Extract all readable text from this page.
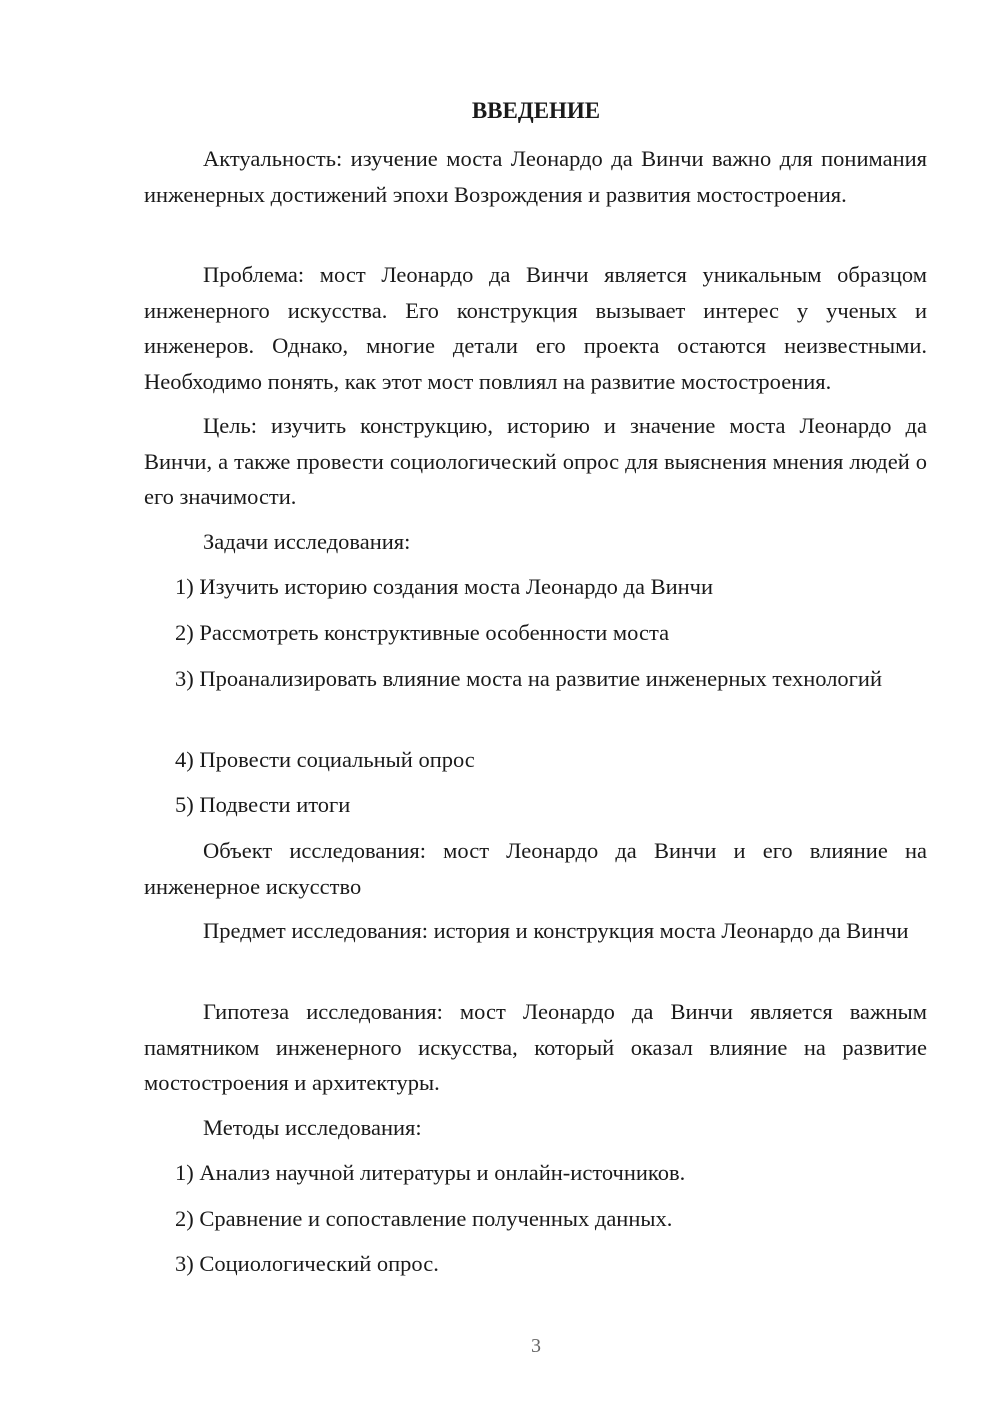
ВВЕДЕНИЕ

Актуальность: изучение моста Леонардо да Винчи важно для понимания инженерных достижений эпохи Возрождения и развития мостостроения.

Проблема: мост Леонардо да Винчи является уникальным образцом инженерного искусства. Его конструкция вызывает интерес у ученых и инженеров. Однако, многие детали его проекта остаются неизвестными. Необходимо понять, как этот мост повлиял на развитие мостостроения.

Цель: изучить конструкцию, историю и значение моста Леонардо да Винчи, а также провести социологический опрос для выяснения мнения людей о его значимости.

Задачи исследования:

1) Изучить историю создания моста Леонардо да Винчи

2) Рассмотреть конструктивные особенности моста

3) Проанализировать влияние моста на развитие инженерных технологий

4) Провести социальный опрос

5) Подвести итоги

Объект исследования: мост Леонардо да Винчи и его влияние на инженерное искусство

Предмет исследования: история и конструкция моста Леонардо да Винчи

Гипотеза исследования: мост Леонардо да Винчи является важным памятником инженерного искусства, который оказал влияние на развитие мостостроения и архитектуры.

Методы исследования:

1) Анализ научной литературы и онлайн-источников.

2) Сравнение и сопоставление полученных данных.

3) Социологический опрос.

3
